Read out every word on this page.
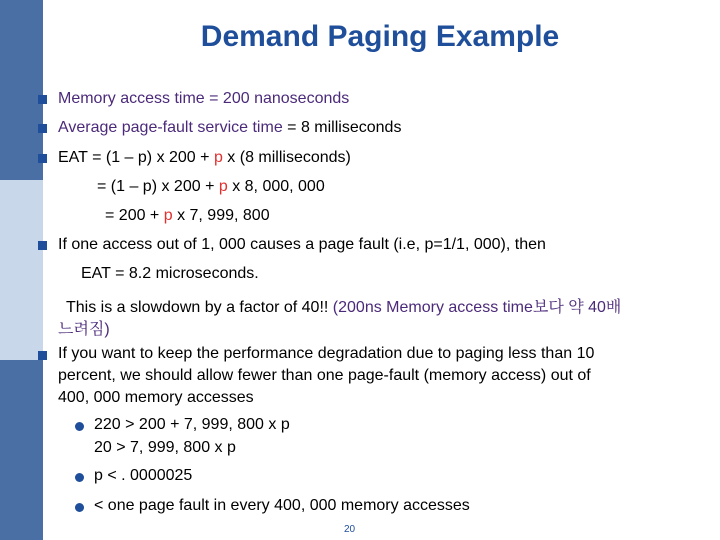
Demand Paging Example
Memory access time = 200 nanoseconds
Average page-fault service time = 8 milliseconds
EAT = (1 – p) x 200 + p x (8 milliseconds)
= (1 – p) x 200 + p x 8, 000, 000
= 200 + p x 7, 999, 800
If one access out of 1, 000 causes a page fault (i.e, p=1/1, 000), then
EAT = 8.2 microseconds.
This is a slowdown by a factor of 40!! (200ns Memory access time보다 약 40배
느려짐)
If you want to keep the performance degradation due to paging less than 10
percent, we should allow fewer than one page-fault (memory access) out of
400, 000 memory accesses
220 > 200 + 7, 999, 800 x p
20 > 7, 999, 800 x p
p < . 0000025
< one page fault in every 400, 000 memory accesses
20
